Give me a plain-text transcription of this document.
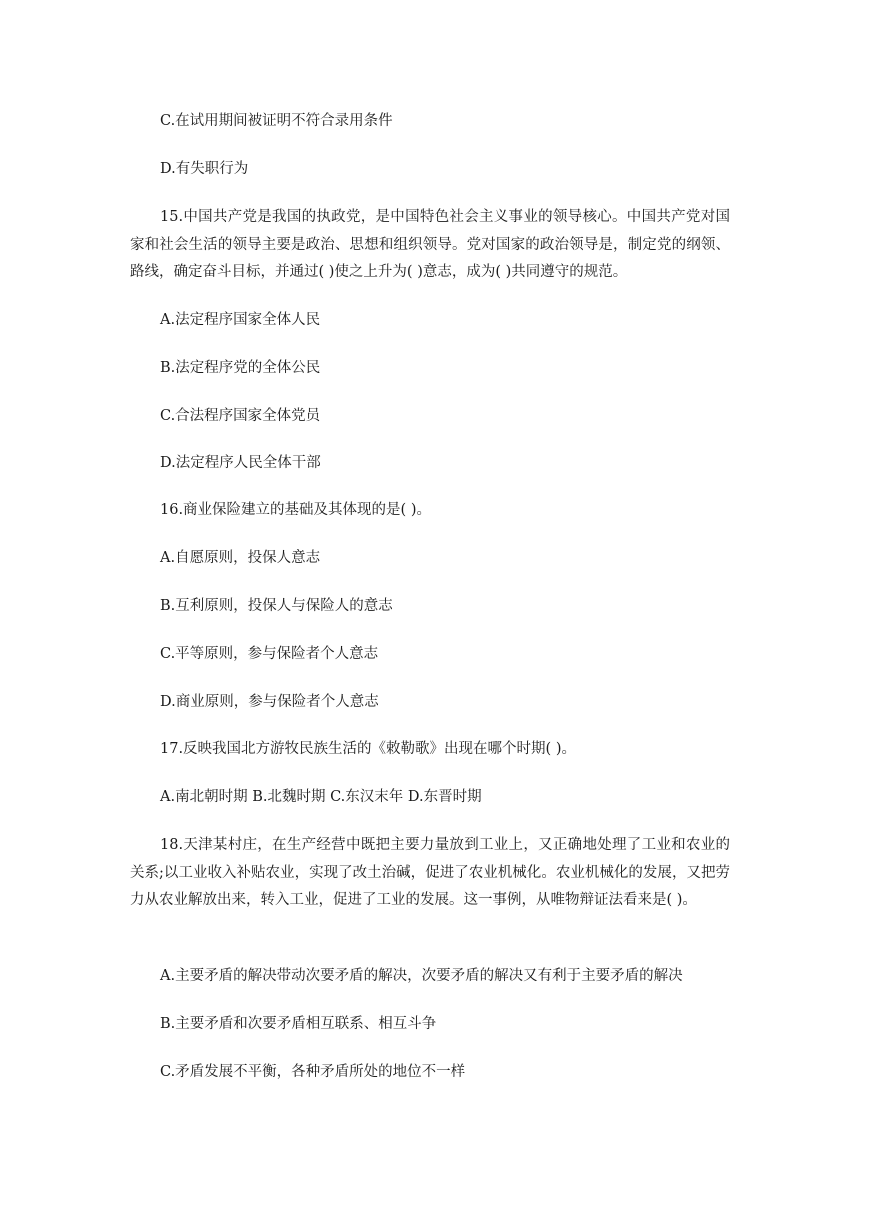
C.在试用期间被证明不符合录用条件
D.有失职行为
15.中国共产党是我国的执政党，是中国特色社会主义事业的领导核心。中国共产党对国家和社会生活的领导主要是政治、思想和组织领导。党对国家的政治领导是，制定党的纲领、路线，确定奋斗目标，并通过( )使之上升为( )意志，成为( )共同遵守的规范。
A.法定程序国家全体人民
B.法定程序党的全体公民
C.合法程序国家全体党员
D.法定程序人民全体干部
16.商业保险建立的基础及其体现的是( )。
A.自愿原则，投保人意志
B.互利原则，投保人与保险人的意志
C.平等原则，参与保险者个人意志
D.商业原则，参与保险者个人意志
17.反映我国北方游牧民族生活的《敕勒歌》出现在哪个时期( )。
A.南北朝时期 B.北魏时期 C.东汉末年 D.东晋时期
18.天津某村庄，在生产经营中既把主要力量放到工业上，又正确地处理了工业和农业的关系;以工业收入补贴农业，实现了改土治碱，促进了农业机械化。农业机械化的发展，又把劳力从农业解放出来，转入工业，促进了工业的发展。这一事例，从唯物辩证法看来是( )。
A.主要矛盾的解决带动次要矛盾的解决，次要矛盾的解决又有利于主要矛盾的解决
B.主要矛盾和次要矛盾相互联系、相互斗争
C.矛盾发展不平衡，各种矛盾所处的地位不一样
